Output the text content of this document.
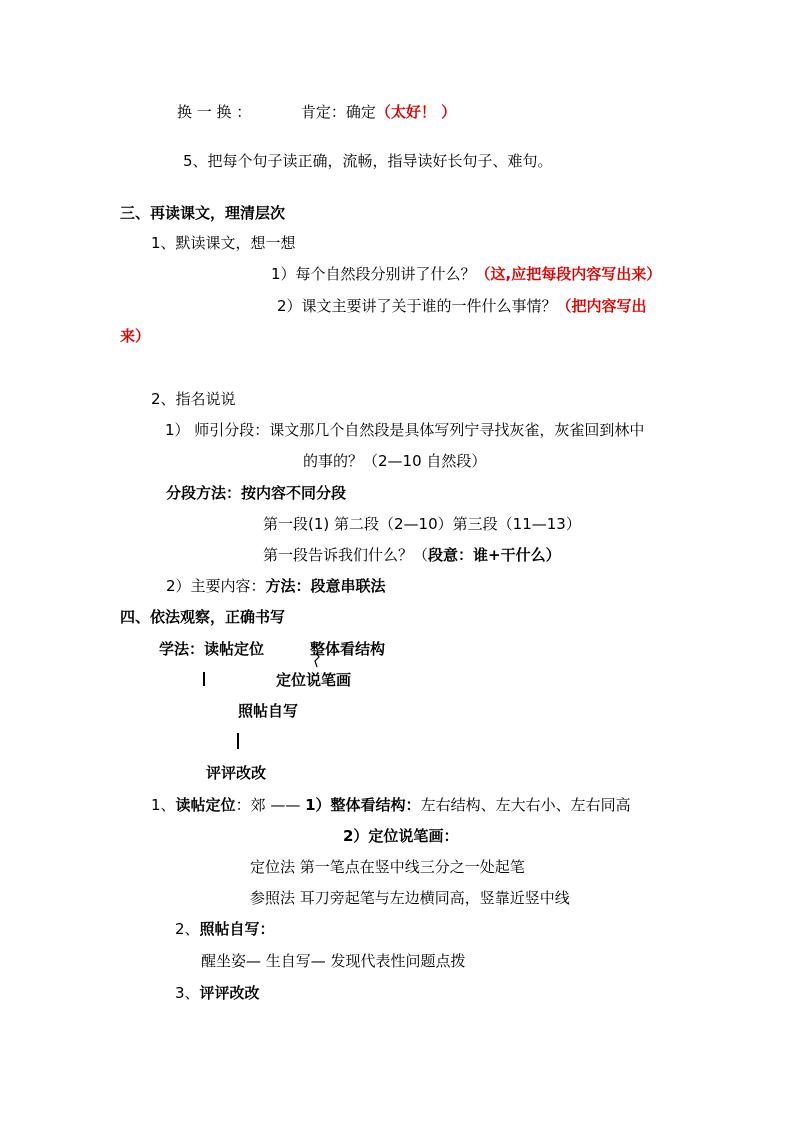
换 一 换 ：	肯定：确定（太好！ ）
5、把每个句子读正确，流畅，指导读好长句子、难句。
三、再读课文，理清层次
1、默读课文，想一想
1）每个自然段分别讲了什么？（这,应把每段内容写出来）
2）课文主要讲了关于谁的一件什么事情？（把内容写出
来）
2、指名说说
1） 师引分段：课文那几个自然段是具体写列宁寻找灰雀，灰雀回到林中
的事的？（2—10 自然段）
分段方法：按内容不同分段
第一段(1) 第二段（2—10）第三段（11—13）
第一段告诉我们什么？（段意：谁+干什么）
2）主要内容：方法：段意串联法
四、依法观察，正确书写
学法：读帖定位	整体看结构
定位说笔画
照帖自写
评评改改
1、读帖定位：郊 —— 1）整体看结构：左右结构、左大右小、左右同高
2）定位说笔画：
定位法 第一笔点在竖中线三分之一处起笔
参照法 耳刀旁起笔与左边横同高，竖靠近竖中线
2、照帖自写：
醒坐姿— 生自写— 发现代表性问题点拨
3、评评改改
